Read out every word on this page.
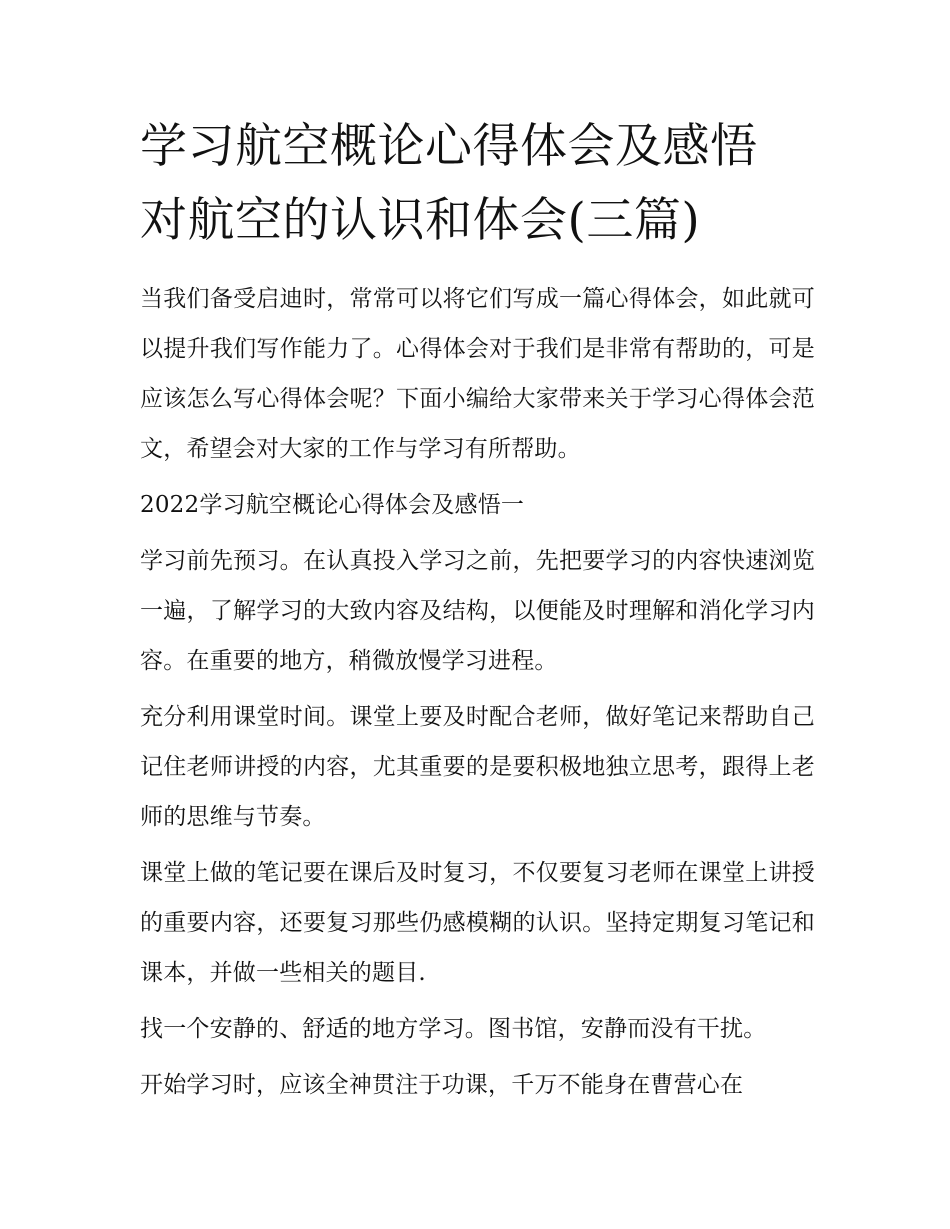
学习航空概论心得体会及感悟
对航空的认识和体会(三篇)

当我们备受启迪时，常常可以将它们写成一篇心得体会，如此就可以提升我们写作能力了。心得体会对于我们是非常有帮助的，可是应该怎么写心得体会呢？下面小编给大家带来关于学习心得体会范文，希望会对大家的工作与学习有所帮助。

2022学习航空概论心得体会及感悟一

学习前先预习。在认真投入学习之前，先把要学习的内容快速浏览一遍，了解学习的大致内容及结构，以便能及时理解和消化学习内容。在重要的地方，稍微放慢学习进程。

充分利用课堂时间。课堂上要及时配合老师，做好笔记来帮助自己记住老师讲授的内容，尤其重要的是要积极地独立思考，跟得上老师的思维与节奏。

课堂上做的笔记要在课后及时复习，不仅要复习老师在课堂上讲授的重要内容，还要复习那些仍感模糊的认识。坚持定期复习笔记和课本，并做一些相关的题目.

找一个安静的、舒适的地方学习。图书馆，安静而没有干扰。

开始学习时，应该全神贯注于功课，千万不能身在曹营心在
